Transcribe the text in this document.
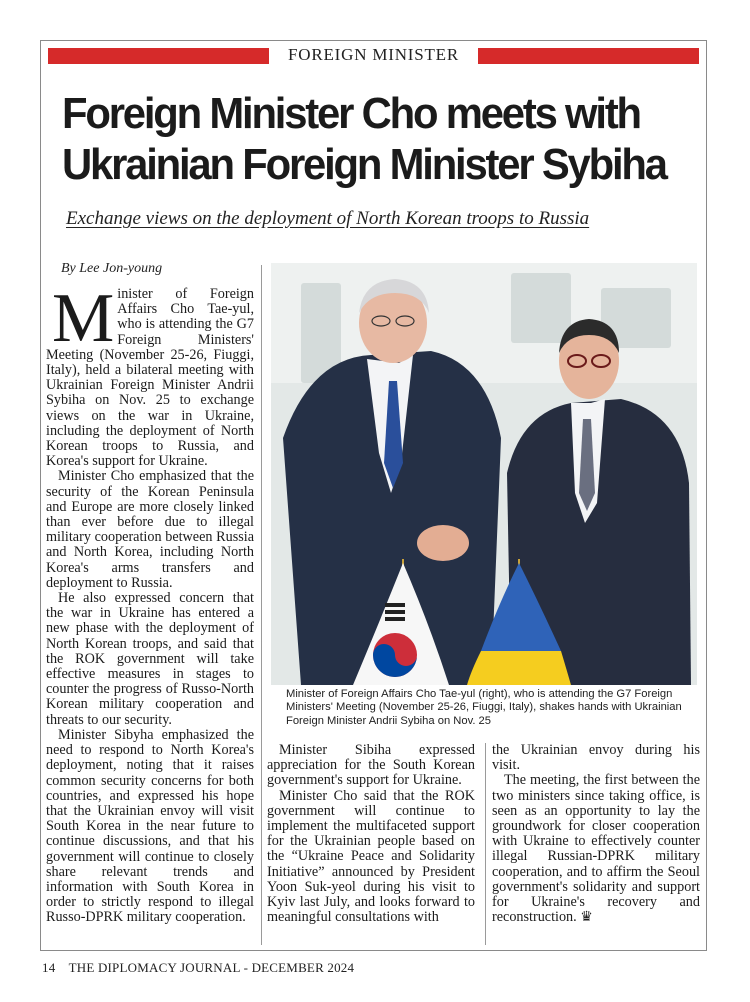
FOREIGN MINISTER
Foreign Minister Cho meets with Ukrainian Foreign Minister Sybiha
Exchange views on the deployment of North Korean troops to Russia
By Lee Jon-young

Minister of Foreign Affairs Cho Tae-yul, who is attending the G7 Foreign Ministers' Meeting (November 25-26, Fiuggi, Italy), held a bilateral meeting with Ukrainian Foreign Minister Andrii Sybiha on Nov. 25 to exchange views on the war in Ukraine, including the deployment of North Korean troops to Russia, and Korea's support for Ukraine.

Minister Cho emphasized that the security of the Korean Peninsula and Europe are more closely linked than ever before due to illegal military cooperation between Russia and North Korea, including North Korea's arms transfers and deployment to Russia.

He also expressed concern that the war in Ukraine has entered a new phase with the deployment of North Korean troops, and said that the ROK government will take effective measures in stages to counter the progress of Russo-North Korean military cooperation and threats to our security.

Minister Sibyha emphasized the need to respond to North Korea's deployment, noting that it raises common security concerns for both countries, and expressed his hope that the Ukrainian envoy will visit South Korea in the near future to continue discussions, and that his government will continue to closely share relevant trends and information with South Korea in order to strictly respond to illegal Russo-DPRK military cooperation.

Minister of Foreign Affairs Cho Tae-yul (right), who is attending the G7 Foreign Ministers' Meeting (November 25-26, Fiuggi, Italy), shakes hands with Ukrainian Foreign Minister Andrii Sybiha on Nov. 25

Minister Sibiha expressed appreciation for the South Korean government's support for Ukraine.

Minister Cho said that the ROK government will continue to implement the multifaceted support for the Ukrainian people based on the “Ukraine Peace and Solidarity Initiative” announced by President Yoon Suk-yeol during his visit to Kyiv last July, and looks forward to meaningful consultations with

the Ukrainian envoy during his visit.

The meeting, the first between the two ministers since taking office, is seen as an opportunity to lay the groundwork for closer cooperation with Ukraine to effectively counter illegal Russian-DPRK military cooperation, and to affirm the Seoul government's solidarity and support for Ukraine's recovery and reconstruction. ♛

14 THE DIPLOMACY JOURNAL - DECEMBER 2024
